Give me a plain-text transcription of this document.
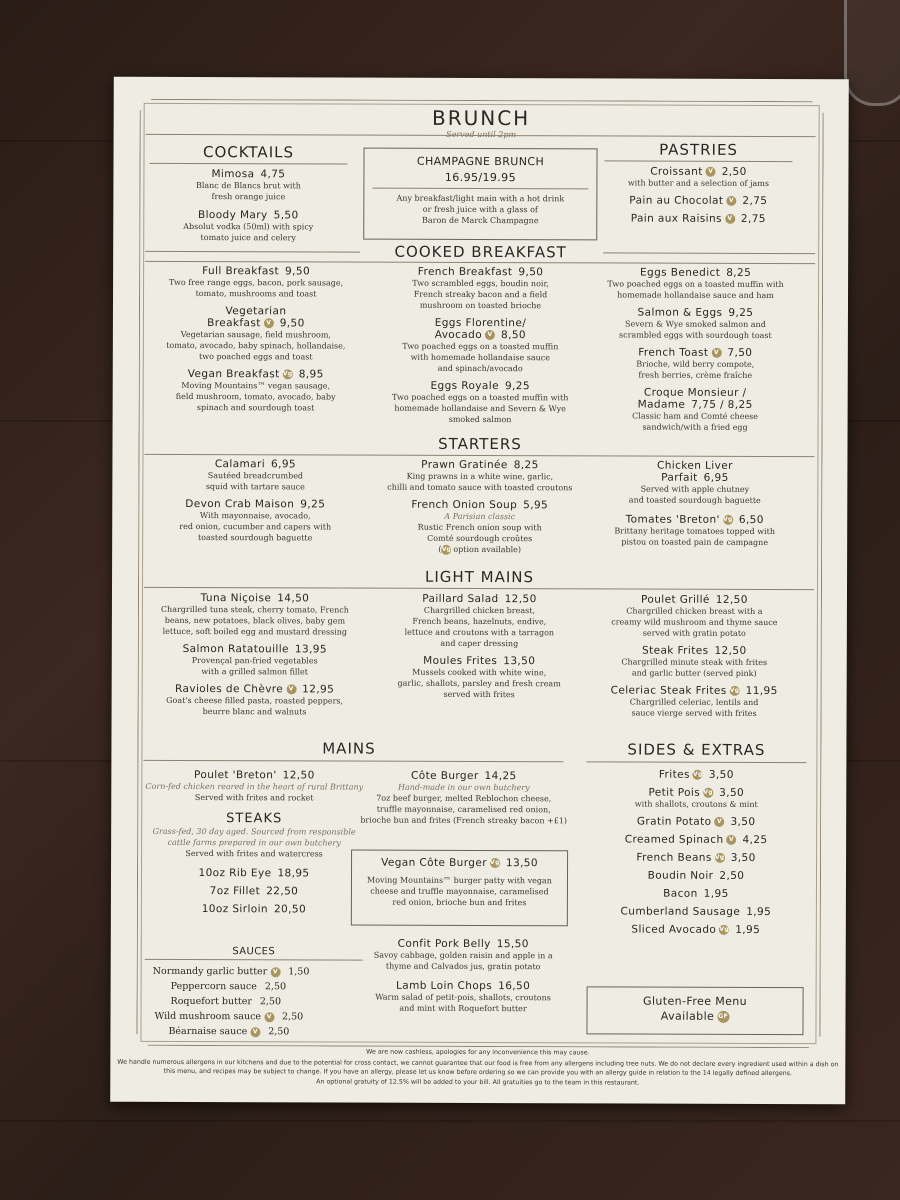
BRUNCH
COCKTAILS
Mimosa 4,75
Blanc de Blancs brut with
fresh orange juice
Bloody Mary 5,50
Absolut vodka (50ml) with spicy
tomato juice and celery
CHAMPAGNE BRUNCH
16.95/19.95
Any breakfast/light main with a hot drink
or fresh juice with a glass of
Baron de Marck Champagne
PASTRIES
Croissant V 2,50
with butter and a selection of jams
Pain au Chocolat V 2,75
Pain aux Raisins V 2,75
COOKED BREAKFAST
Full Breakfast 9,50
Two free range eggs, bacon, pork sausage,
tomato, mushrooms and toast
Vegetarian
Breakfast V 9,50
Vegetarian sausage, field mushroom,
tomato, avocado, baby spinach, hollandaise,
two poached eggs and toast
Vegan Breakfast Vg 8,95
Moving Mountains™ vegan sausage,
field mushroom, tomato, avocado, baby
spinach and sourdough toast
French Breakfast 9,50
Two scrambled eggs, boudin noir,
French streaky bacon and a field
mushroom on toasted brioche
Eggs Florentine/
Avocado V 8,50
Two poached eggs on a toasted muffin
with homemade hollandaise sauce
and spinach/avocado
Eggs Royale 9,25
Two poached eggs on a toasted muffin with
homemade hollandaise and Severn & Wye
smoked salmon
Eggs Benedict 8,25
Two poached eggs on a toasted muffin with
homemade hollandaise sauce and ham
Salmon & Eggs 9,25
Severn & Wye smoked salmon and
scrambled eggs with sourdough toast
French Toast V 7,50
Brioche, wild berry compote,
fresh berries, crème fraîche
Croque Monsieur /
Madame 7,75 / 8,25
Classic ham and Comté cheese
sandwich/with a fried egg
STARTERS
Calamari 6,95
Sautéed breadcrumbed
squid with tartare sauce
Devon Crab Maison 9,25
With mayonnaise, avocado,
red onion, cucumber and capers with
toasted sourdough baguette
Prawn Gratinée 8,25
King prawns in a white wine, garlic,
chilli and tomato sauce with toasted croutons
French Onion Soup 5,95
A Parisian classic
Rustic French onion soup with
Comté sourdough croûtes
(Vg option available)
Chicken Liver
Parfait 6,95
Served with apple chutney
and toasted sourdough baguette
Tomates 'Breton' Vg 6,50
Brittany heritage tomatoes topped with
pistou on toasted pain de campagne
LIGHT MAINS
Tuna Niçoise 14,50
Chargrilled tuna steak, cherry tomato, French
beans, new potatoes, black olives, baby gem
lettuce, soft boiled egg and mustard dressing
Salmon Ratatouille 13,95
Provençal pan-fried vegetables
with a grilled salmon fillet
Ravioles de Chèvre V 12,95
Goat's cheese filled pasta, roasted peppers,
beurre blanc and walnuts
Paillard Salad 12,50
Chargrilled chicken breast,
French beans, hazelnuts, endive,
lettuce and croutons with a tarragon
and caper dressing
Moules Frites 13,50
Mussels cooked with white wine,
garlic, shallots, parsley and fresh cream
served with frites
Poulet Grillé 12,50
Chargrilled chicken breast with a
creamy wild mushroom and thyme sauce
served with gratin potato
Steak Frites 12,50
Chargrilled minute steak with frites
and garlic butter (served pink)
Celeriac Steak Frites Vg 11,95
Chargrilled celeriac, lentils and
sauce vierge served with frites
MAINS	SIDES & EXTRAS
Poulet 'Breton' 12,50
Corn-fed chicken reared in the heart of rural Brittany
Served with frites and rocket
STEAKS
Grass-fed, 30 day aged. Sourced from responsible
cattle farms prepared in our own butchery
Served with frites and watercress
10oz Rib Eye 18,95
7oz Fillet 22,50
10oz Sirloin 20,50
SAUCES
Normandy garlic butter V 1,50
Peppercorn sauce 2,50
Roquefort butter 2,50
Wild mushroom sauce V 2,50
Béarnaise sauce V 2,50
Côte Burger 14,25
Hand-made in our own butchery
7oz beef burger, melted Reblochon cheese,
truffle mayonnaise, caramelised red onion,
brioche bun and frites (French streaky bacon +£1)
Vegan Côte Burger Vg 13,50
Moving Mountains™ burger patty with vegan
cheese and truffle mayonnaise, caramelised
red onion, brioche bun and frites
Confit Pork Belly 15,50
Savoy cabbage, golden raisin and apple in a
thyme and Calvados jus, gratin potato
Lamb Loin Chops 16,50
Warm salad of petit-pois, shallots, croutons
and mint with Roquefort butter
Frites Vg 3,50
Petit Pois Vg 3,50
with shallots, croutons & mint
Gratin Potato V 3,50
Creamed Spinach V 4,25
French Beans Vg 3,50
Boudin Noir 2,50
Bacon 1,95
Cumberland Sausage 1,95
Sliced Avocado Vg 1,95
Gluten-Free Menu
Available GF
We are now cashless, apologies for any inconvenience this may cause.
We handle numerous allergens in our kitchens and due to the potential for cross contact, we cannot guarantee that our food is free from any allergens including tree nuts. We do not declare every ingredient used within a dish on
this menu, and recipes may be subject to change. If you have an allergy, please let us know before ordering so we can provide you with an allergy guide in relation to the 14 legally defined allergens.
An optional gratuity of 12.5% will be added to your bill. All gratuities go to the team in this restaurant.
